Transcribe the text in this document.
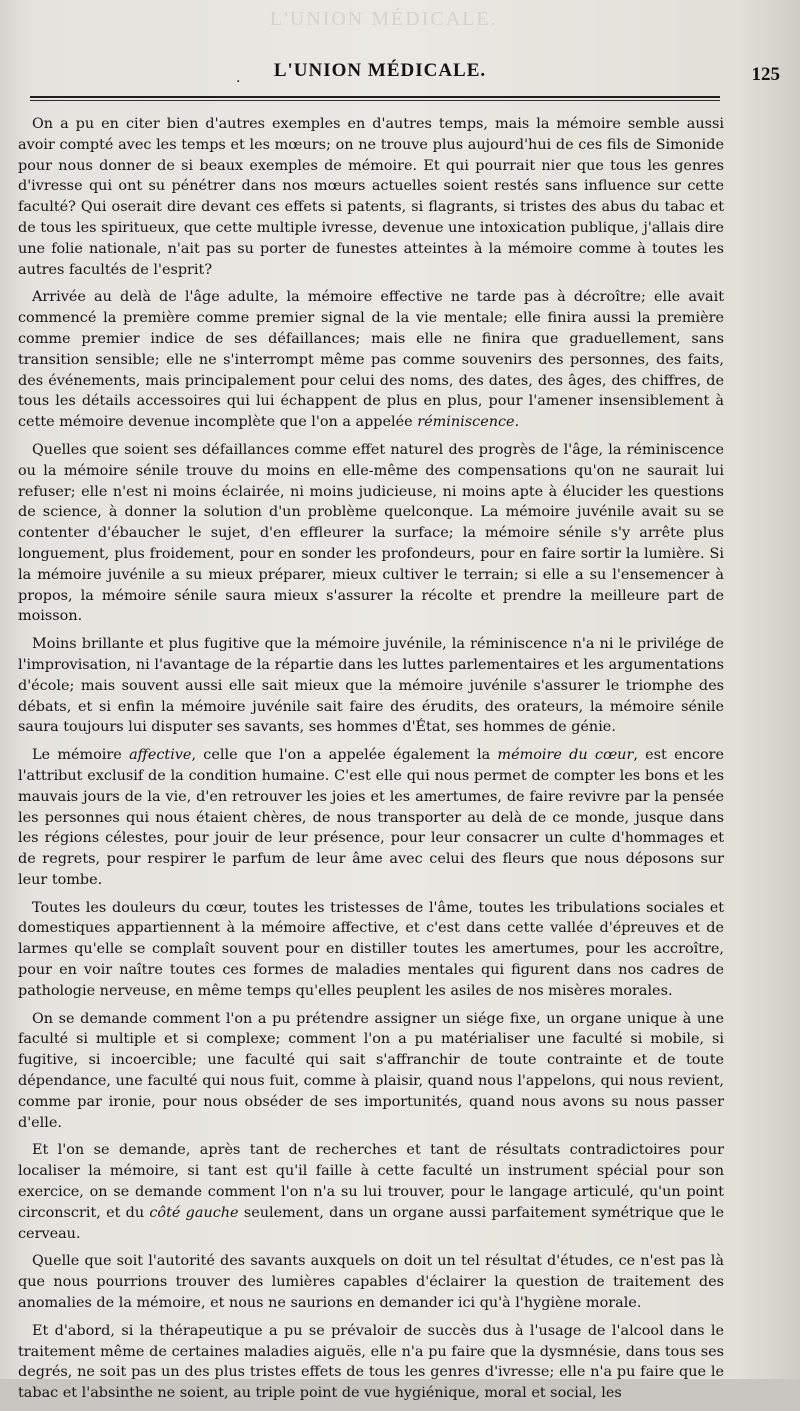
L'UNION MÉDICALE.
·
L'UNION MÉDICALE.	125

On a pu en citer bien d'autres exemples en d'autres temps, mais la mémoire semble aussi avoir compté avec les temps et les mœurs; on ne trouve plus aujourd'hui de ces fils de Simonide pour nous donner de si beaux exemples de mémoire. Et qui pourrait nier que tous les genres d'ivresse qui ont su pénétrer dans nos mœurs actuelles soient restés sans influence sur cette faculté? Qui oserait dire devant ces effets si patents, si flagrants, si tristes des abus du tabac et de tous les spiritueux, que cette multiple ivresse, devenue une intoxication publique, j'allais dire une folie nationale, n'ait pas su porter de funestes atteintes à la mémoire comme à toutes les autres facultés de l'esprit?

Arrivée au delà de l'âge adulte, la mémoire effective ne tarde pas à décroître; elle avait commencé la première comme premier signal de la vie mentale; elle finira aussi la première comme premier indice de ses défaillances; mais elle ne finira que graduellement, sans transition sensible; elle ne s'interrompt même pas comme souvenirs des personnes, des faits, des événements, mais principalement pour celui des noms, des dates, des âges, des chiffres, de tous les détails accessoires qui lui échappent de plus en plus, pour l'amener insensiblement à cette mémoire devenue incomplète que l'on a appelée réminiscence.

Quelles que soient ses défaillances comme effet naturel des progrès de l'âge, la réminiscence ou la mémoire sénile trouve du moins en elle-même des compensations qu'on ne saurait lui refuser; elle n'est ni moins éclairée, ni moins judicieuse, ni moins apte à élucider les questions de science, à donner la solution d'un problème quelconque. La mémoire juvénile avait su se contenter d'ébaucher le sujet, d'en effleurer la surface; la mémoire sénile s'y arrête plus longuement, plus froidement, pour en sonder les profondeurs, pour en faire sortir la lumière. Si la mémoire juvénile a su mieux préparer, mieux cultiver le terrain; si elle a su l'ensemencer à propos, la mémoire sénile saura mieux s'assurer la récolte et prendre la meilleure part de moisson.

Moins brillante et plus fugitive que la mémoire juvénile, la réminiscence n'a ni le privilége de l'improvisation, ni l'avantage de la répartie dans les luttes parlementaires et les argumentations d'école; mais souvent aussi elle sait mieux que la mémoire juvénile s'assurer le triomphe des débats, et si enfin la mémoire juvénile sait faire des érudits, des orateurs, la mémoire sénile saura toujours lui disputer ses savants, ses hommes d'État, ses hommes de génie.

Le mémoire affective, celle que l'on a appelée également la mémoire du cœur, est encore l'attribut exclusif de la condition humaine. C'est elle qui nous permet de compter les bons et les mauvais jours de la vie, d'en retrouver les joies et les amertumes, de faire revivre par la pensée les personnes qui nous étaient chères, de nous transporter au delà de ce monde, jusque dans les régions célestes, pour jouir de leur présence, pour leur consacrer un culte d'hommages et de regrets, pour respirer le parfum de leur âme avec celui des fleurs que nous déposons sur leur tombe.

Toutes les douleurs du cœur, toutes les tristesses de l'âme, toutes les tribulations sociales et domestiques appartiennent à la mémoire affective, et c'est dans cette vallée d'épreuves et de larmes qu'elle se complaît souvent pour en distiller toutes les amertumes, pour les accroître, pour en voir naître toutes ces formes de maladies mentales qui figurent dans nos cadres de pathologie nerveuse, en même temps qu'elles peuplent les asiles de nos misères morales.

On se demande comment l'on a pu prétendre assigner un siége fixe, un organe unique à une faculté si multiple et si complexe; comment l'on a pu matérialiser une faculté si mobile, si fugitive, si incoercible; une faculté qui sait s'affranchir de toute contrainte et de toute dépendance, une faculté qui nous fuit, comme à plaisir, quand nous l'appelons, qui nous revient, comme par ironie, pour nous obséder de ses importunités, quand nous avons su nous passer d'elle.

Et l'on se demande, après tant de recherches et tant de résultats contradictoires pour localiser la mémoire, si tant est qu'il faille à cette faculté un instrument spécial pour son exercice, on se demande comment l'on n'a su lui trouver, pour le langage articulé, qu'un point circonscrit, et du côté gauche seulement, dans un organe aussi parfaitement symétrique que le cerveau.

Quelle que soit l'autorité des savants auxquels on doit un tel résultat d'études, ce n'est pas là que nous pourrions trouver des lumières capables d'éclairer la question de traitement des anomalies de la mémoire, et nous ne saurions en demander ici qu'à l'hygiène morale.

Et d'abord, si la thérapeutique a pu se prévaloir de succès dus à l'usage de l'alcool dans le traitement même de certaines maladies aiguës, elle n'a pu faire que la dysmnésie, dans tous ses degrés, ne soit pas un des plus tristes effets de tous les genres d'ivresse; elle n'a pu faire que le tabac et l'absinthe ne soient, au triple point de vue hygiénique, moral et social, les
